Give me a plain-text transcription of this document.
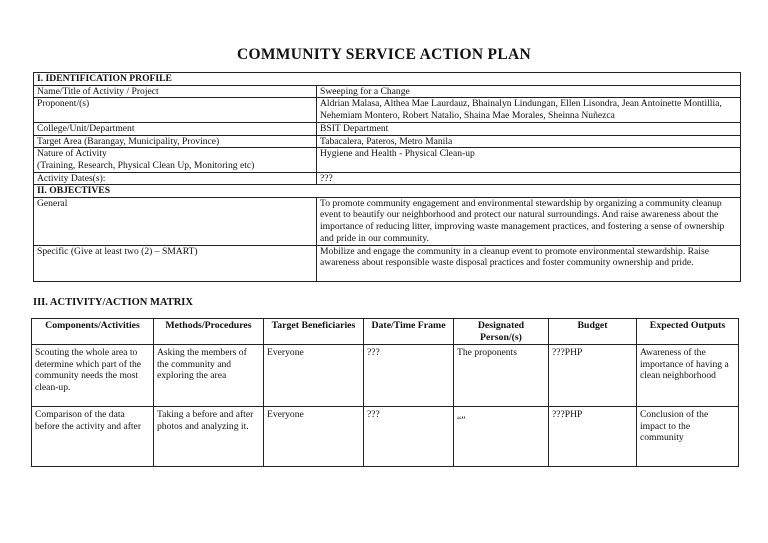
COMMUNITY SERVICE ACTION PLAN
I. IDENTIFICATION PROFILE	
Name/Title of Activity / Project	Sweeping for a Change
Proponent/(s)	Aldrian Malasa, Althea Mae Laurdauz, Bhainalyn Lindungan, Ellen Lisondra, Jean Antoinette Montillia, Nehemiam Montero, Robert Natalio, Shaina Mae Morales, Sheinna Nuñezca
College/Unit/Department	BSIT Department
Target Area (Barangay, Municipality, Province)	Tabacalera, Pateros, Metro Manila

Nature of Activity
(Training, Research, Physical Clean Up, Monitoring etc)	Hygiene and Health - Physical Clean-up
Activity Dates(s):	???
II. OBJECTIVES	
General	To promote community engagement and environmental stewardship by organizing a community cleanup event to beautify our neighborhood and protect our natural surroundings. And raise awareness about the importance of reducing litter, improving waste management practices, and fostering a sense of ownership and pride in our community.
Specific (Give at least two (2) – SMART)	Mobilize and engage the community in a cleanup event to promote environmental stewardship. Raise awareness about responsible waste disposal practices and foster community ownership and pride.
III. ACTIVITY/ACTION MATRIX
Components/Activities	Methods/Procedures	Target Beneficiaries	Date/Time Frame	Designated Person/(s)	Budget	Expected Outputs
Scouting the whole area to determine which part of the community needs the most clean-up.	Asking the members of the community and exploring the area	Everyone	???	The proponents	???PHP	Awareness of the importance of having a clean neighborhood
Comparison of the data before the activity and after	Taking a before and after photos and analyzing it.	Everyone	???	“”	???PHP	Conclusion of the impact to the community
